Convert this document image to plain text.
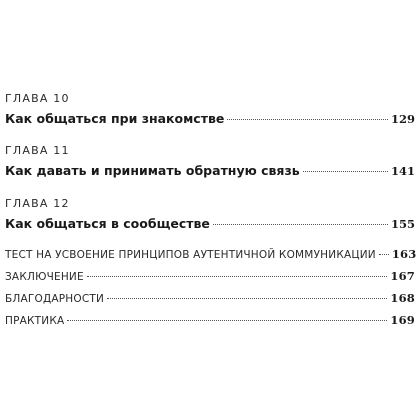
ГЛАВА 10
Как общаться при знакомстве	129
ГЛАВА 11
Как давать и принимать обратную связь	141
ГЛАВА 12
Как общаться в сообществе	155
ТЕСТ НА УСВОЕНИЕ ПРИНЦИПОВ АУТЕНТИЧНОЙ КОММУНИКАЦИИ 163
ЗАКЛЮЧЕНИЕ	167
БЛАГОДАРНОСТИ	168
ПРАКТИКА	169
